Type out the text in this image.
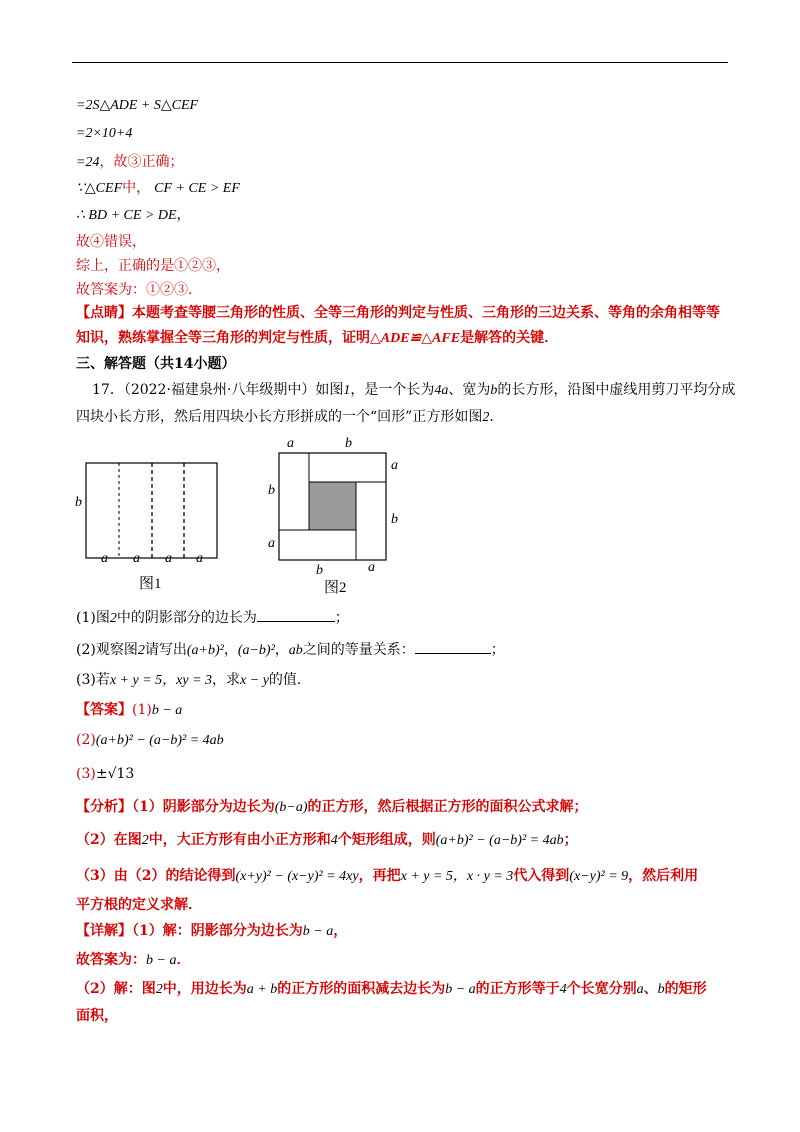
=2S△ADE + S△CEF
=2×10+4
=24，故③正确；
∵△CEF中， CF + CE > EF
∴ BD + CE > DE，
故④错误，
综上，正确的是①②③，
故答案为：①②③．
【点睛】本题考查等腰三角形的性质、全等三角形的判定与性质、三角形的三边关系、等角的余角相等等
知识，熟练掌握全等三角形的判定与性质，证明△ADE≌△AFE是解答的关键．
三、解答题（共14小题）
17．（2022·福建泉州·八年级期中）如图1，是一个长为4a、宽为b的长方形，沿图中虚线用剪刀平均分成
四块小长方形，然后用四块小长方形拼成的一个“回形”正方形如图2．
b
a a a a
图1
a	b
a
b
b
a
b	a
图2
(1)图2中的阴影部分的边长为	；
(2)观察图2请写出(a+b)²，(a−b)²，ab之间的等量关系：	；
(3)若x + y = 5，xy = 3，求x − y的值．
【答案】(1)b − a
(2)(a+b)² − (a−b)² = 4ab
(3)±√13
【分析】（1）阴影部分为边长为(b−a)的正方形，然后根据正方形的面积公式求解；
（2）在图2中，大正方形有由小正方形和4个矩形组成，则(a+b)² − (a−b)² = 4ab；
（3）由（2）的结论得到(x+y)² − (x−y)² = 4xy，再把x + y = 5，x · y = 3代入得到(x−y)² = 9，然后利用
平方根的定义求解．
【详解】（1）解：阴影部分为边长为b − a，
故答案为：b − a．
（2）解：图2中，用边长为a + b的正方形的面积减去边长为b − a的正方形等于4个长宽分别a、b的矩形
面积，
